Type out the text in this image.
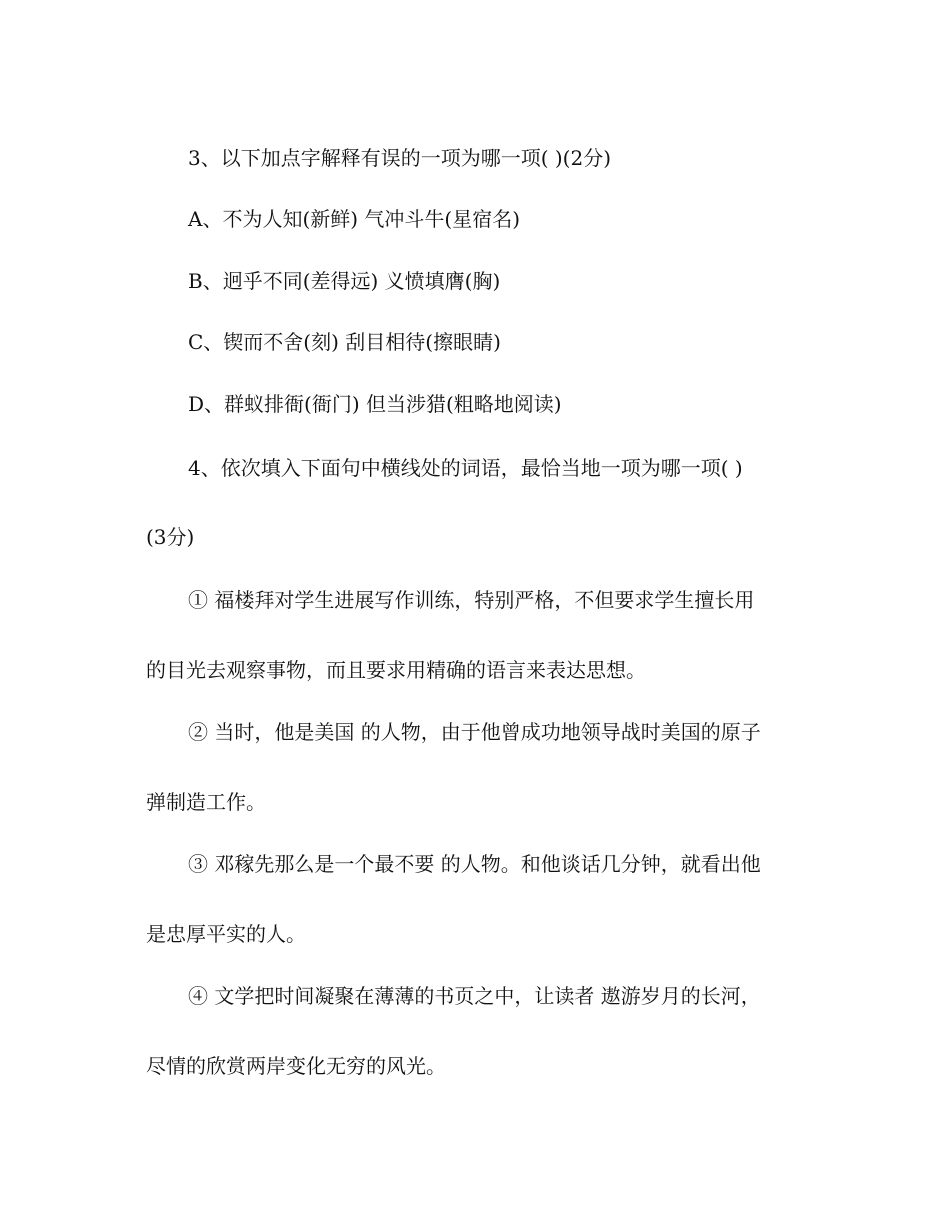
3、以下加点字解释有误的一项为哪一项( )(2分)
A、不为人知(新鲜) 气冲斗牛(星宿名)
B、迥乎不同(差得远) 义愤填膺(胸)
C、锲而不舍(刻) 刮目相待(擦眼睛)
D、群蚁排衙(衙门) 但当涉猎(粗略地阅读)
4、依次填入下面句中横线处的词语，最恰当地一项为哪一项( )
(3分)
① 福楼拜对学生进展写作训练，特别严格，不但要求学生擅长用
的目光去观察事物，而且要求用精确的语言来表达思想。
② 当时，他是美国 的人物，由于他曾成功地领导战时美国的原子
弹制造工作。
③ 邓稼先那么是一个最不要 的人物。和他谈话几分钟，就看出他
是忠厚平实的人。
④ 文学把时间凝聚在薄薄的书页之中，让读者 遨游岁月的长河，
尽情的欣赏两岸变化无穷的风光。
